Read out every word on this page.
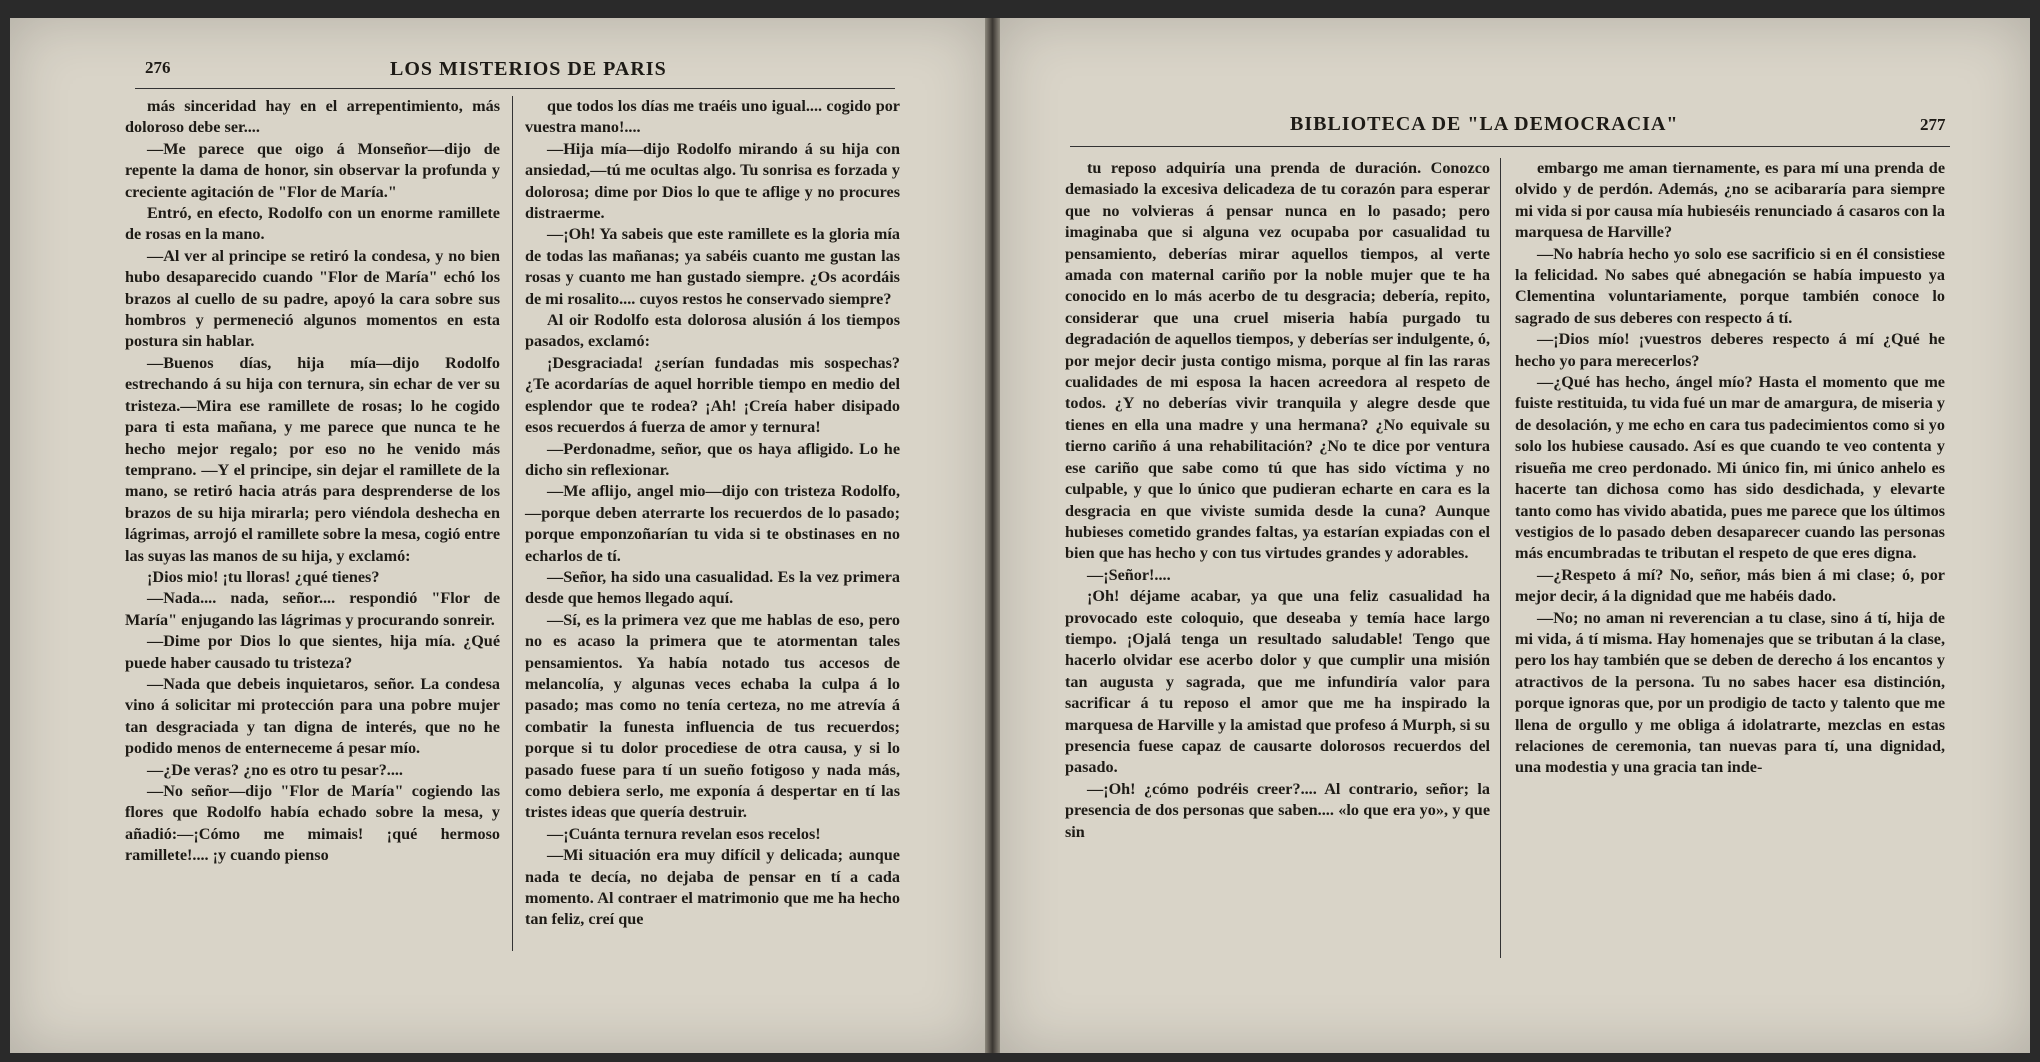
276	LOS MISTERIOS DE PARIS

más sinceridad hay en el arrepentimiento, más doloroso debe ser....

—Me parece que oigo á Monseñor—dijo de repente la dama de honor, sin observar la profunda y creciente agitación de "Flor de María."

Entró, en efecto, Rodolfo con un enorme ramillete de rosas en la mano.

—Al ver al principe se retiró la condesa, y no bien hubo desaparecido cuando "Flor de María" echó los brazos al cuello de su padre, apoyó la cara sobre sus hombros y permeneció algunos momentos en esta postura sin hablar.

—Buenos días, hija mía—dijo Rodolfo estrechando á su hija con ternura, sin echar de ver su tristeza.—Mira ese ramillete de rosas; lo he cogido para ti esta mañana, y me parece que nunca te he hecho mejor regalo; por eso no he venido más temprano. —Y el principe, sin dejar el ramillete de la mano, se retiró hacia atrás para desprenderse de los brazos de su hija mirarla; pero viéndola deshecha en lágrimas, arrojó el ramillete sobre la mesa, cogió entre las suyas las manos de su hija, y exclamó:

¡Dios mio! ¡tu lloras! ¿qué tienes?

—Nada.... nada, señor.... respondió "Flor de María" enjugando las lágrimas y procurando sonreir.

—Dime por Dios lo que sientes, hija mía. ¿Qué puede haber causado tu tristeza?

—Nada que debeis inquietaros, señor. La condesa vino á solicitar mi protección para una pobre mujer tan desgraciada y tan digna de interés, que no he podido menos de enterneceme á pesar mío.

—¿De veras? ¿no es otro tu pesar?....

—No señor—dijo "Flor de María" cogiendo las flores que Rodolfo había echado sobre la mesa, y añadió:—¡Cómo me mimais! ¡qué hermoso ramillete!.... ¡y cuando pienso

que todos los días me traéis uno igual.... cogido por vuestra mano!....

—Hija mía—dijo Rodolfo mirando á su hija con ansiedad,—tú me ocultas algo. Tu sonrisa es forzada y dolorosa; dime por Dios lo que te aflige y no procures distraerme.

—¡Oh! Ya sabeis que este ramillete es la gloria mía de todas las mañanas; ya sabéis cuanto me gustan las rosas y cuanto me han gustado siempre. ¿Os acordáis de mi rosalito.... cuyos restos he conservado siempre?

Al oir Rodolfo esta dolorosa alusión á los tiempos pasados, exclamó:

¡Desgraciada! ¿serían fundadas mis sospechas? ¿Te acordarías de aquel horrible tiempo en medio del esplendor que te rodea? ¡Ah! ¡Creía haber disipado esos recuerdos á fuerza de amor y ternura!

—Perdonadme, señor, que os haya afligido. Lo he dicho sin reflexionar.

—Me aflijo, angel mio—dijo con tristeza Rodolfo,—porque deben aterrarte los recuerdos de lo pasado; porque emponzoñarían tu vida si te obstinases en no echarlos de tí.

—Señor, ha sido una casualidad. Es la vez primera desde que hemos llegado aquí.

—Sí, es la primera vez que me hablas de eso, pero no es acaso la primera que te atormentan tales pensamientos. Ya había notado tus accesos de melancolía, y algunas veces echaba la culpa á lo pasado; mas como no tenía certeza, no me atrevía á combatir la funesta influencia de tus recuerdos; porque si tu dolor procediese de otra causa, y si lo pasado fuese para tí un sueño fotigoso y nada más, como debiera serlo, me exponía á despertar en tí las tristes ideas que quería destruir.

—¡Cuánta ternura revelan esos recelos!

—Mi situación era muy difícil y delicada; aunque nada te decía, no dejaba de pensar en tí a cada momento. Al contraer el matrimonio que me ha hecho tan feliz, creí que

BIBLIOTECA DE "LA DEMOCRACIA"	277

tu reposo adquiría una prenda de duración. Conozco demasiado la excesiva delicadeza de tu corazón para esperar que no volvieras á pensar nunca en lo pasado; pero imaginaba que si alguna vez ocupaba por casualidad tu pensamiento, deberías mirar aquellos tiempos, al verte amada con maternal cariño por la noble mujer que te ha conocido en lo más acerbo de tu desgracia; debería, repito, considerar que una cruel miseria había purgado tu degradación de aquellos tiempos, y deberías ser indulgente, ó, por mejor decir justa contigo misma, porque al fin las raras cualidades de mi esposa la hacen acreedora al respeto de todos. ¿Y no deberías vivir tranquila y alegre desde que tienes en ella una madre y una hermana? ¿No equivale su tierno cariño á una rehabilitación? ¿No te dice por ventura ese cariño que sabe como tú que has sido víctima y no culpable, y que lo único que pudieran echarte en cara es la desgracia en que viviste sumida desde la cuna? Aunque hubieses cometido grandes faltas, ya estarían expiadas con el bien que has hecho y con tus virtudes grandes y adorables.

—¡Señor!....

¡Oh! déjame acabar, ya que una feliz casualidad ha provocado este coloquio, que deseaba y temía hace largo tiempo. ¡Ojalá tenga un resultado saludable! Tengo que hacerlo olvidar ese acerbo dolor y que cumplir una misión tan augusta y sagrada, que me infundiría valor para sacrificar á tu reposo el amor que me ha inspirado la marquesa de Harville y la amistad que profeso á Murph, si su presencia fuese capaz de causarte dolorosos recuerdos del pasado.

—¡Oh! ¿cómo podréis creer?.... Al contrario, señor; la presencia de dos personas que saben.... «lo que era yo», y que sin

embargo me aman tiernamente, es para mí una prenda de olvido y de perdón. Además, ¿no se acibararía para siempre mi vida si por causa mía hubieséis renunciado á casaros con la marquesa de Harville?

—No habría hecho yo solo ese sacrificio si en él consistiese la felicidad. No sabes qué abnegación se había impuesto ya Clementina voluntariamente, porque también conoce lo sagrado de sus deberes con respecto á tí.

—¡Dios mío! ¡vuestros deberes respecto á mí ¿Qué he hecho yo para merecerlos?

—¿Qué has hecho, ángel mío? Hasta el momento que me fuiste restituida, tu vida fué un mar de amargura, de miseria y de desolación, y me echo en cara tus padecimientos como si yo solo los hubiese causado. Así es que cuando te veo contenta y risueña me creo perdonado. Mi único fin, mi único anhelo es hacerte tan dichosa como has sido desdichada, y elevarte tanto como has vivido abatida, pues me parece que los últimos vestigios de lo pasado deben desaparecer cuando las personas más encumbradas te tributan el respeto de que eres digna.

—¿Respeto á mí? No, señor, más bien á mi clase; ó, por mejor decir, á la dignidad que me habéis dado.

—No; no aman ni reverencian a tu clase, sino á tí, hija de mi vida, á tí misma. Hay homenajes que se tributan á la clase, pero los hay también que se deben de derecho á los encantos y atractivos de la persona. Tu no sabes hacer esa distinción, porque ignoras que, por un prodigio de tacto y talento que me llena de orgullo y me obliga á idolatrarte, mezclas en estas relaciones de ceremonia, tan nuevas para tí, una dignidad, una modestia y una gracia tan inde-
